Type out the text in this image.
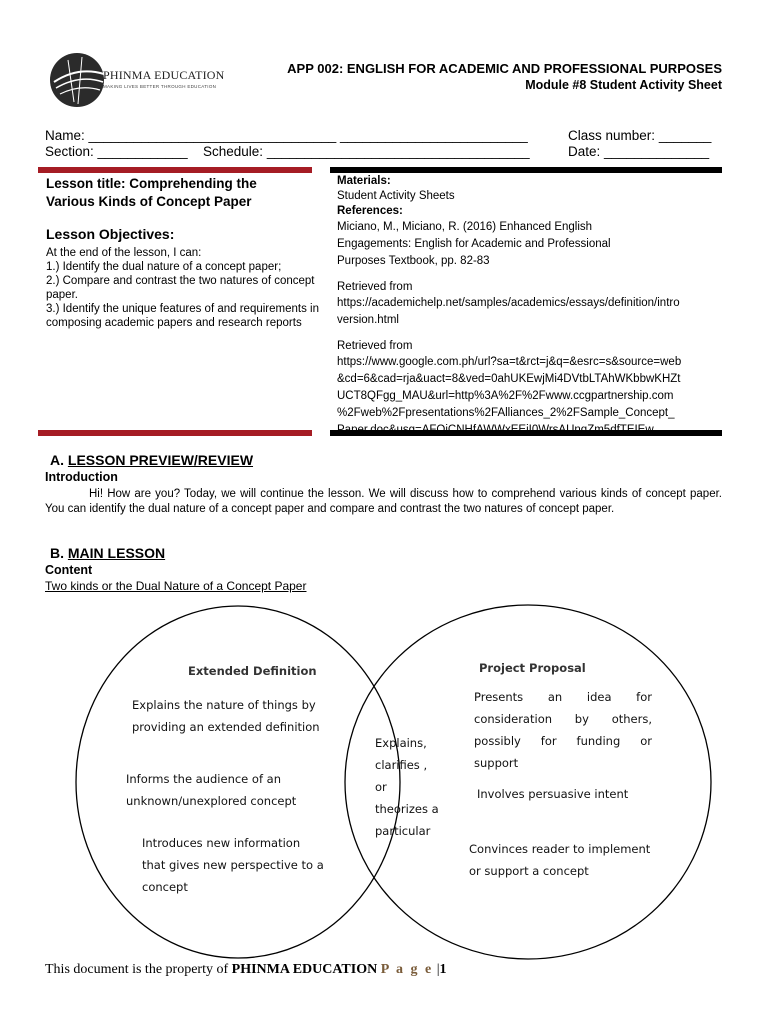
PHINMA EDUCATION
MAKING LIVES BETTER THROUGH EDUCATION
APP 002: ENGLISH FOR ACADEMIC AND PROFESSIONAL PURPOSES
Module #8 Student Activity Sheet
Name: _________________________________ _________________________	Class number: _______
Section: ____________ Schedule: ___________________________________	Date: ______________
Lesson title: Comprehending the
Various Kinds of Concept Paper
Lesson Objectives:
At the end of the lesson, I can:
1.) Identify the dual nature of a concept paper;
2.) Compare and contrast the two natures of concept paper.
3.) Identify the unique features of and requirements in composing academic papers and research reports
Materials:
Student Activity Sheets
References:
Miciano, M., Miciano, R. (2016) Enhanced English
Engagements: English for Academic and Professional
Purposes Textbook, pp. 82-83
Retrieved from
https://academichelp.net/samples/academics/essays/definition/intro
version.html
Retrieved from
https://www.google.com.ph/url?sa=t&rct=j&q=&esrc=s&source=web
&cd=6&cad=rja&uact=8&ved=0ahUKEwjMi4DVtbLTAhWKbbwKHZt
UCT8QFgg_MAU&url=http%3A%2F%2Fwww.ccgpartnership.com
%2Fweb%2Fpresentations%2FAlliances_2%2FSample_Concept_
A. LESSON PREVIEW/REVIEW
Introduction
Hi! How are you? Today, we will continue the lesson. We will discuss how to comprehend various kinds of concept paper. You can identify the dual nature of a concept paper and compare and contrast the two natures of concept paper.
B. MAIN LESSON
Content
Two kinds or the Dual Nature of a Concept Paper
Extended Definition
Explains the nature of things by
providing an extended definition
Informs the audience of an
unknown/unexplored concept
Introduces new information
that gives new perspective to a
concept
Explains,
clarifies ,
or
theorizes a
particular
Project Proposal
Presents an idea for
consideration by others,
possibly for funding or
support
Involves persuasive intent
Convinces reader to implement
or support a concept
This document is the property of PHINMA EDUCATION P a g e |1
